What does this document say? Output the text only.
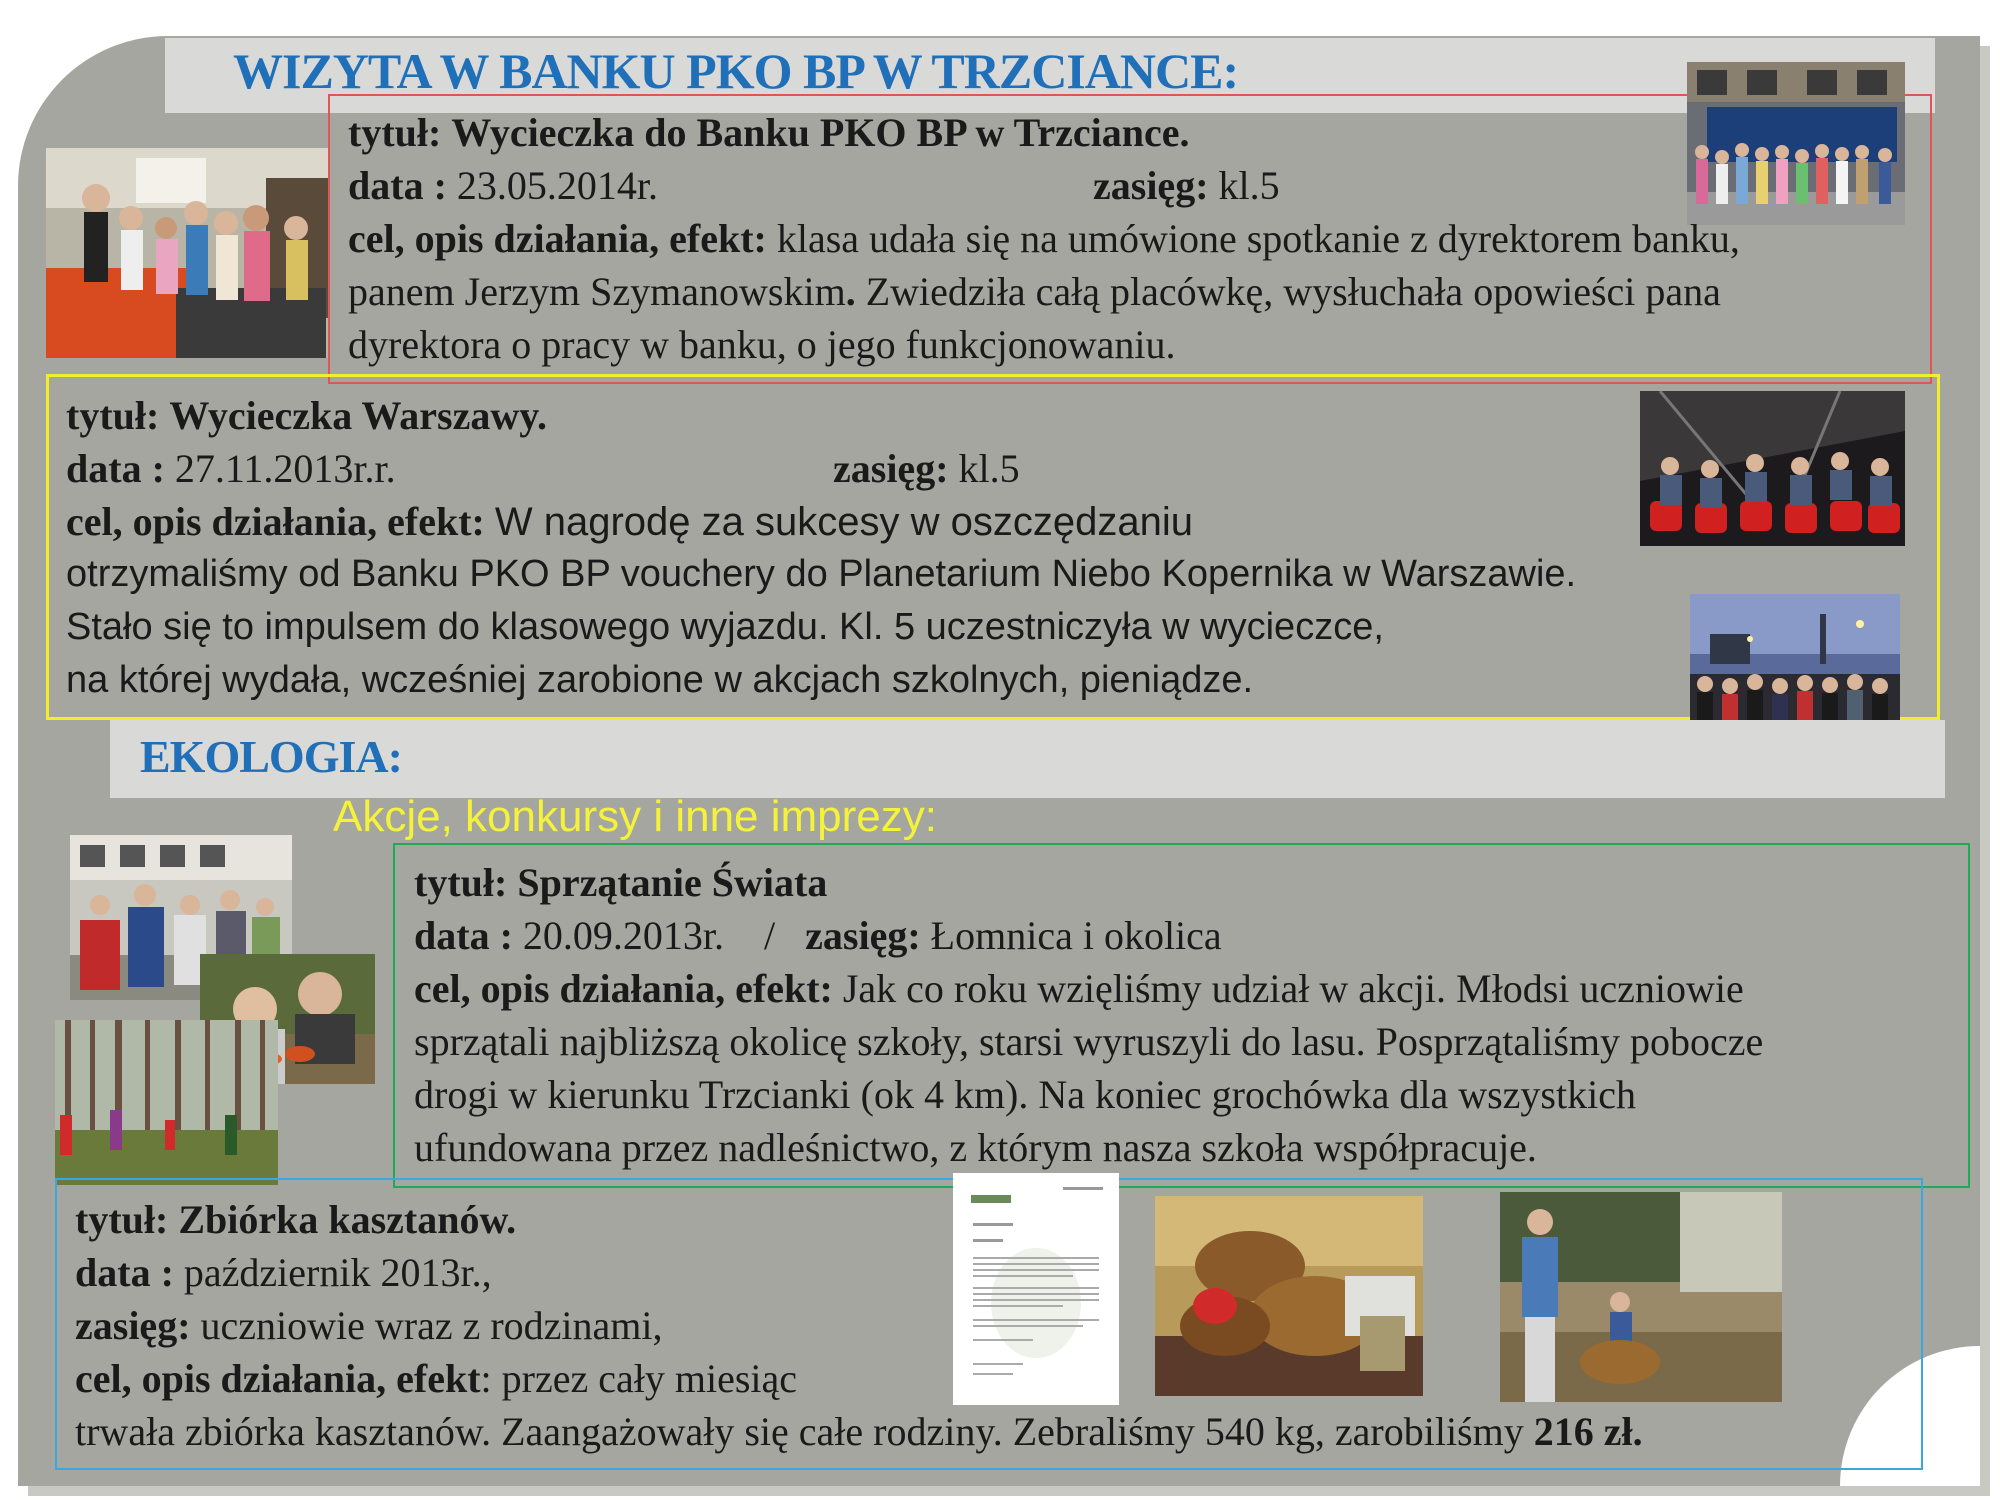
WIZYTA W BANKU PKO BP W TRZCIANCE:

tytuł: Wycieczka do Banku PKO BP w Trzciance.

data : 23.05.2014r.	zasięg: kl.5

cel, opis działania, efekt: klasa udała się na umówione spotkanie z dyrektorem banku,

panem Jerzym Szymanowskim. Zwiedziła całą placówkę, wysłuchała opowieści pana

dyrektora o pracy w banku, o jego funkcjonowaniu.

tytuł: Wycieczka Warszawy.

data : 27.11.2013r.r.	zasięg: kl.5

cel, opis działania, efekt: W nagrodę za sukcesy w oszczędzaniu

otrzymaliśmy od Banku PKO BP vouchery do Planetarium Niebo Kopernika w Warszawie.

Stało się to impulsem do klasowego wyjazdu. Kl. 5 uczestniczyła w wycieczce,

na której wydała, wcześniej zarobione w akcjach szkolnych, pieniądze.

EKOLOGIA:
Akcje, konkursy i inne imprezy:

tytuł: Sprzątanie Świata

data : 20.09.2013r. / zasięg: Łomnica i okolica

cel, opis działania, efekt: Jak co roku wzięliśmy udział w akcji. Młodsi uczniowie

sprzątali najbliższą okolicę szkoły, starsi wyruszyli do lasu. Posprzątaliśmy pobocze

drogi w kierunku Trzcianki (ok 4 km). Na koniec grochówka dla wszystkich

ufundowana przez nadleśnictwo, z którym nasza szkoła współpracuje.

tytuł: Zbiórka kasztanów.

data : październik 2013r.,

zasięg: uczniowie wraz z rodzinami,

cel, opis działania, efekt: przez cały miesiąc

trwała zbiórka kasztanów. Zaangażowały się całe rodziny. Zebraliśmy 540 kg, zarobiliśmy 216 zł.
